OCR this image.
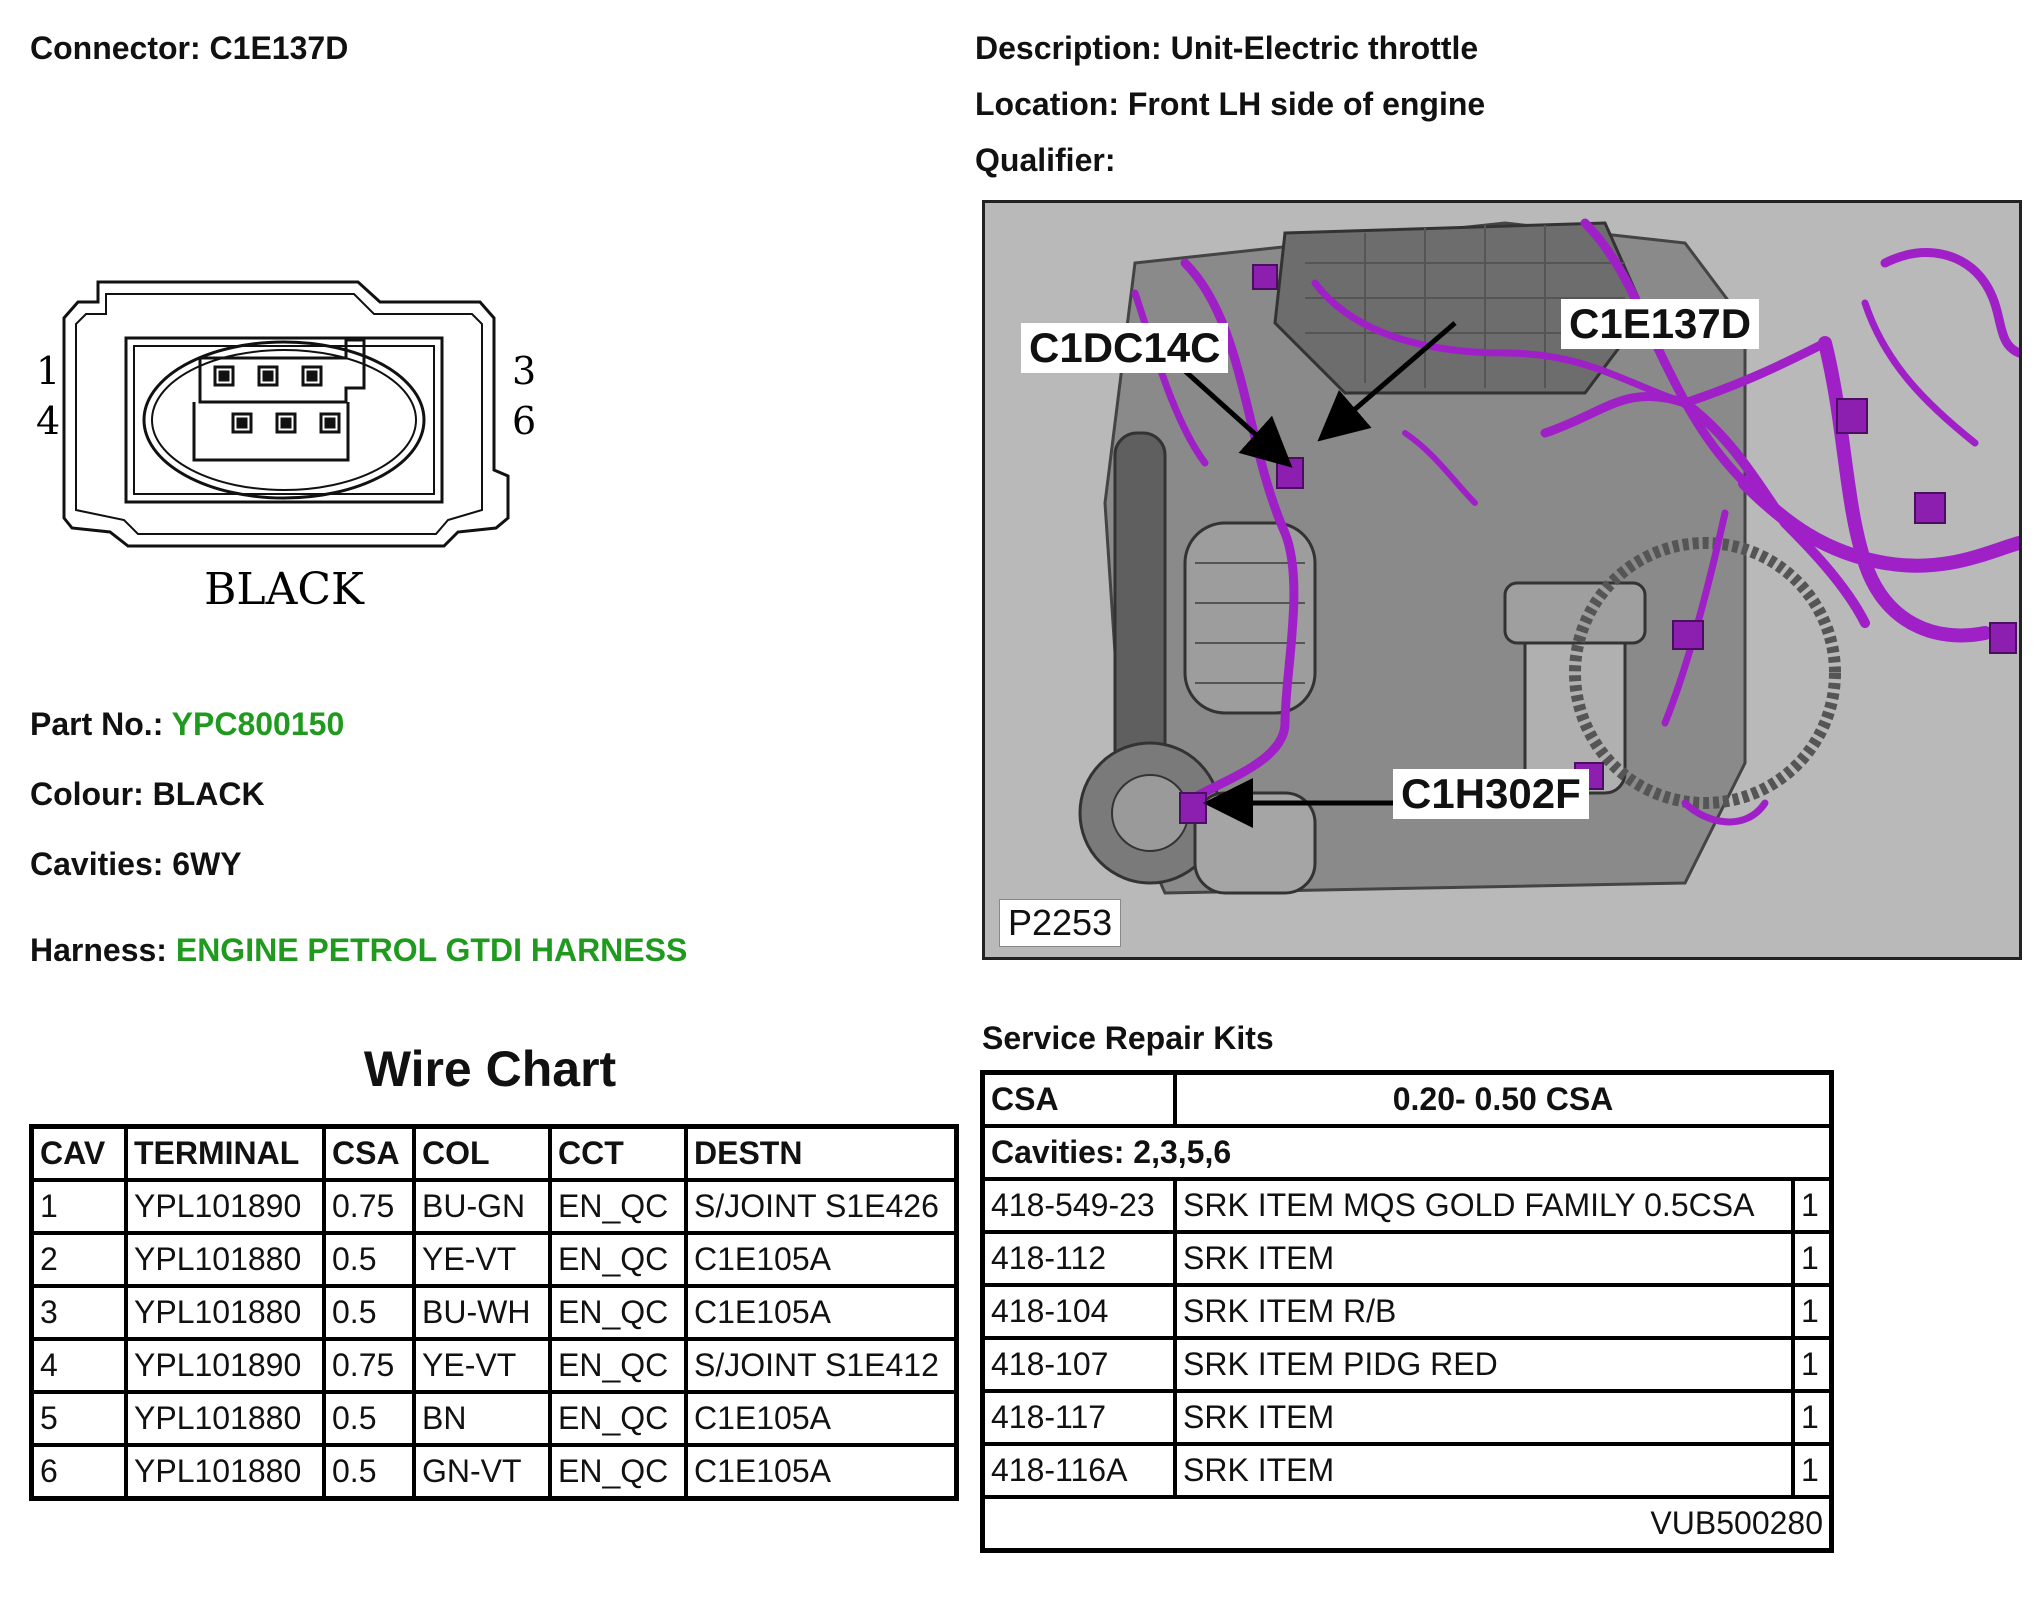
Connector: C1E137D	Description: Unit-Electric throttle
Location: Front LH side of engine
Qualifier:
1	3
4	6
BLACK
Part No.: YPC800150
Colour: BLACK
Cavities: 6WY
Harness: ENGINE PETROL GTDI HARNESS
C1DC14C
C1E137D
C1H302F
P2253
Wire Chart
CAV	TERMINAL	CSA	COL	CCT	DESTN
1	YPL101890	0.75	BU-GN	EN_QC	S/JOINT S1E426
2	YPL101880	0.5	YE-VT	EN_QC	C1E105A
3	YPL101880	0.5	BU-WH	EN_QC	C1E105A
4	YPL101890	0.75	YE-VT	EN_QC	S/JOINT S1E412
5	YPL101880	0.5	BN	EN_QC	C1E105A
6	YPL101880	0.5	GN-VT	EN_QC	C1E105A
Service Repair Kits
CSA	0.20- 0.50 CSA	
Cavities: 2,3,5,6		
418-549-23	SRK ITEM MQS GOLD FAMILY 0.5CSA	1
418-112	SRK ITEM	1
418-104	SRK ITEM R/B	1
418-107	SRK ITEM PIDG RED	1
418-117	SRK ITEM	1
418-116A	SRK ITEM	1
VUB500280		
